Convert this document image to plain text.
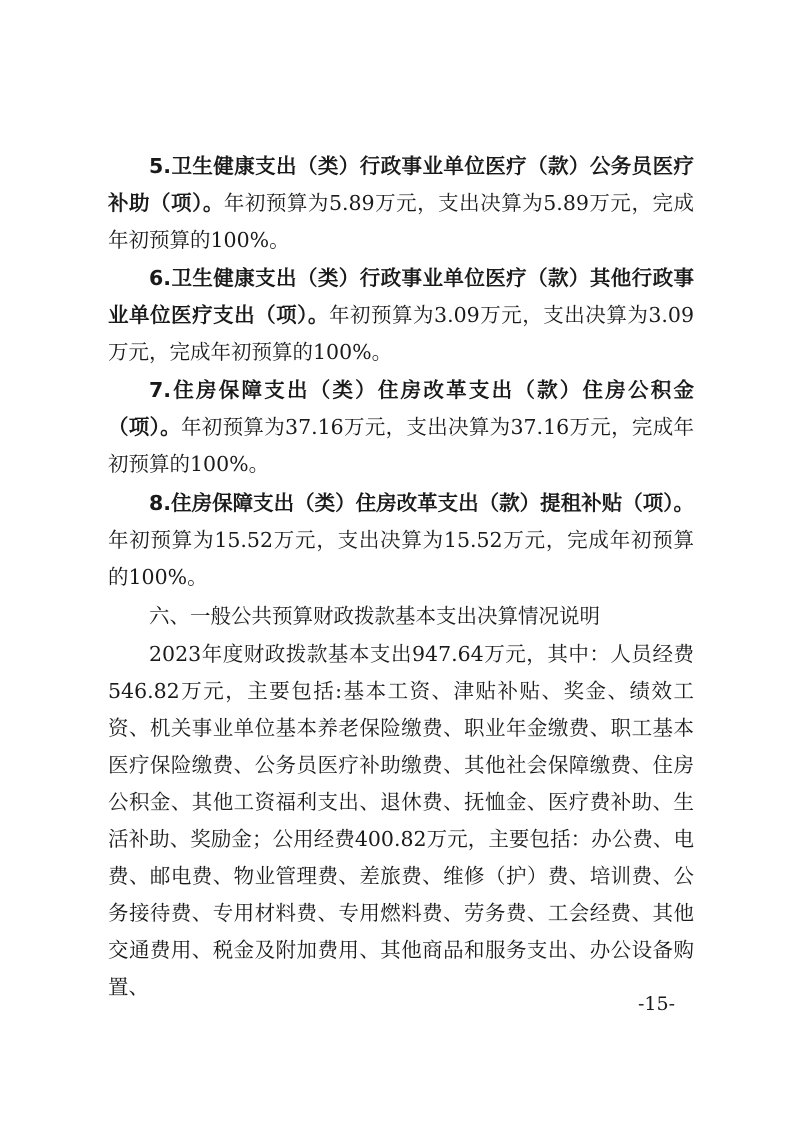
5.卫生健康支出（类）行政事业单位医疗（款）公务员医疗补助（项）。年初预算为5.89万元，支出决算为5.89万元，完成年初预算的100%。

6.卫生健康支出（类）行政事业单位医疗（款）其他行政事业单位医疗支出（项）。年初预算为3.09万元，支出决算为3.09万元，完成年初预算的100%。

7.住房保障支出（类）住房改革支出（款）住房公积金（项）。年初预算为37.16万元，支出决算为37.16万元，完成年初预算的100%。

8.住房保障支出（类）住房改革支出（款）提租补贴（项）。年初预算为15.52万元，支出决算为15.52万元，完成年初预算的100%。

六、一般公共预算财政拨款基本支出决算情况说明

2023年度财政拨款基本支出947.64万元，其中：人员经费546.82万元，主要包括:基本工资、津贴补贴、奖金、绩效工资、机关事业单位基本养老保险缴费、职业年金缴费、职工基本医疗保险缴费、公务员医疗补助缴费、其他社会保障缴费、住房公积金、其他工资福利支出、退休费、抚恤金、医疗费补助、生活补助、奖励金；公用经费400.82万元，主要包括：办公费、电费、邮电费、物业管理费、差旅费、维修（护）费、培训费、公务接待费、专用材料费、专用燃料费、劳务费、工会经费、其他交通费用、税金及附加费用、其他商品和服务支出、办公设备购置、

-15-
